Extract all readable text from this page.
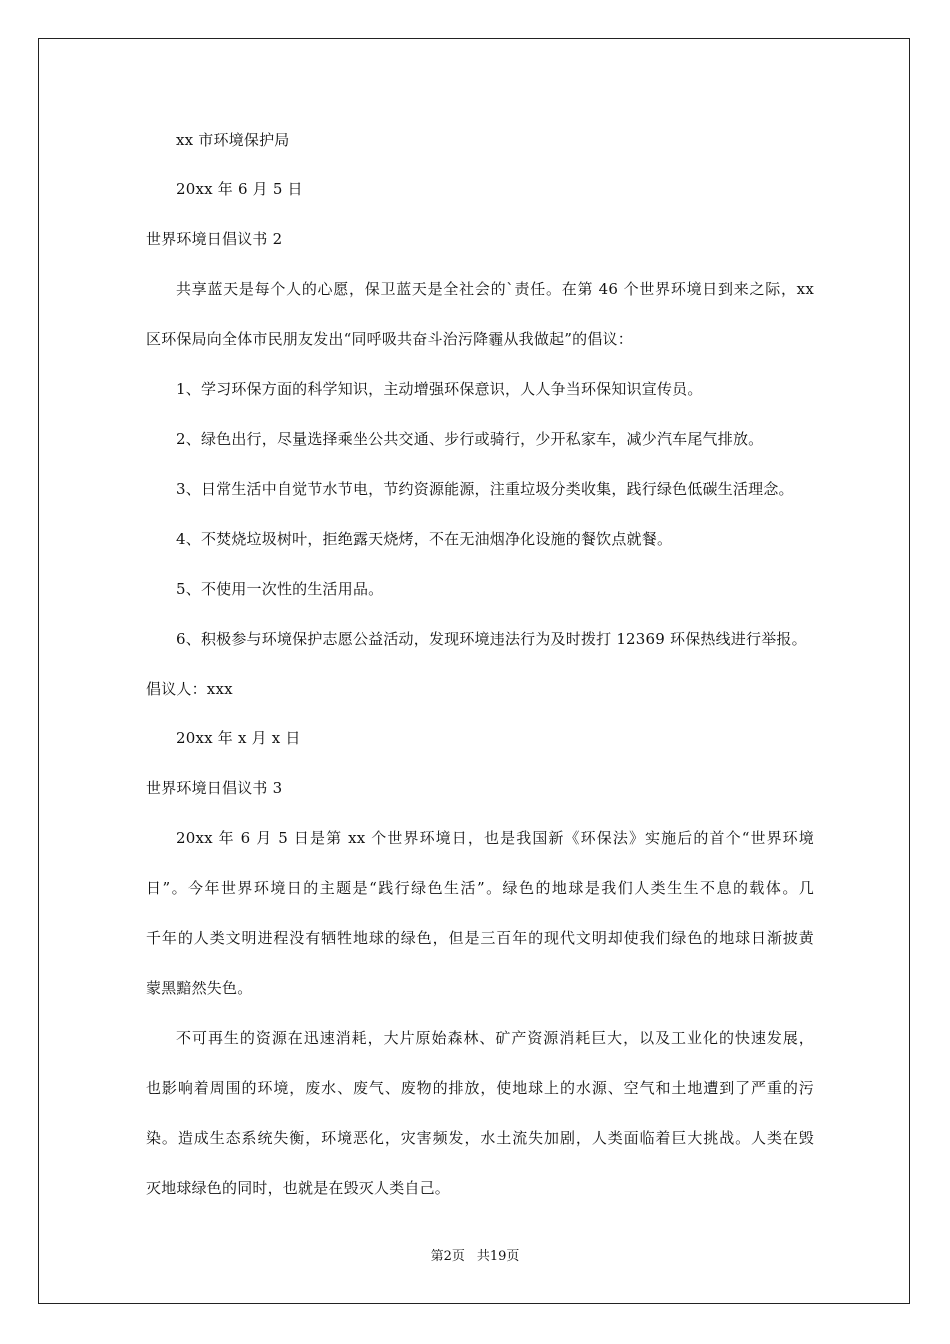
xx 市环境保护局
20xx 年 6 月 5 日
世界环境日倡议书 2
共享蓝天是每个人的心愿，保卫蓝天是全社会的`责任。在第 46 个世界环境日到来之际，xx
区环保局向全体市民朋友发出“同呼吸共奋斗治污降霾从我做起”的倡议：
1、学习环保方面的科学知识，主动增强环保意识，人人争当环保知识宣传员。
2、绿色出行，尽量选择乘坐公共交通、步行或骑行，少开私家车，减少汽车尾气排放。
3、日常生活中自觉节水节电，节约资源能源，注重垃圾分类收集，践行绿色低碳生活理念。
4、不焚烧垃圾树叶，拒绝露天烧烤，不在无油烟净化设施的餐饮点就餐。
5、不使用一次性的生活用品。
6、积极参与环境保护志愿公益活动，发现环境违法行为及时拨打 12369 环保热线进行举报。
倡议人：xxx
20xx 年 x 月 x 日
世界环境日倡议书 3
20xx 年 6 月 5 日是第 xx 个世界环境日，也是我国新《环保法》实施后的首个“世界环境
日”。今年世界环境日的主题是“践行绿色生活”。绿色的地球是我们人类生生不息的载体。几
千年的人类文明进程没有牺牲地球的绿色，但是三百年的现代文明却使我们绿色的地球日渐披黄
蒙黑黯然失色。
不可再生的资源在迅速消耗，大片原始森林、矿产资源消耗巨大，以及工业化的快速发展，
也影响着周围的环境，废水、废气、废物的排放，使地球上的水源、空气和土地遭到了严重的污
染。造成生态系统失衡，环境恶化，灾害频发，水土流失加剧，人类面临着巨大挑战。人类在毁
灭地球绿色的同时，也就是在毁灭人类自己。
第2页 共19页
